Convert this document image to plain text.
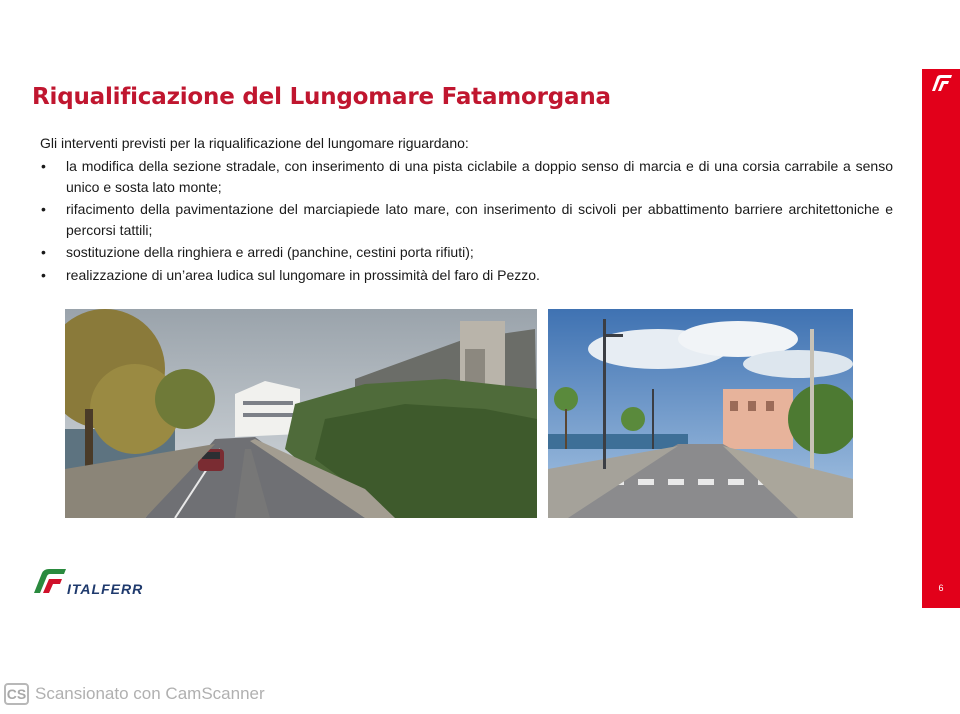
Riqualificazione del Lungomare Fatamorgana
Gli interventi previsti per la riqualificazione del lungomare riguardano:
• la modifica della sezione stradale, con inserimento di una pista ciclabile a doppio senso di marcia e di una corsia carrabile a senso unico e sosta lato monte;
• rifacimento della pavimentazione del marciapiede lato mare, con inserimento di scivoli per abbattimento barriere architettoniche e percorsi tattili;
• sostituzione della ringhiera e arredi (panchine, cestini porta rifiuti);
• realizzazione di un’area ludica sul lungomare in prossimità del faro di Pezzo.
6
ITALFERR
CS Scansionato con CamScanner
